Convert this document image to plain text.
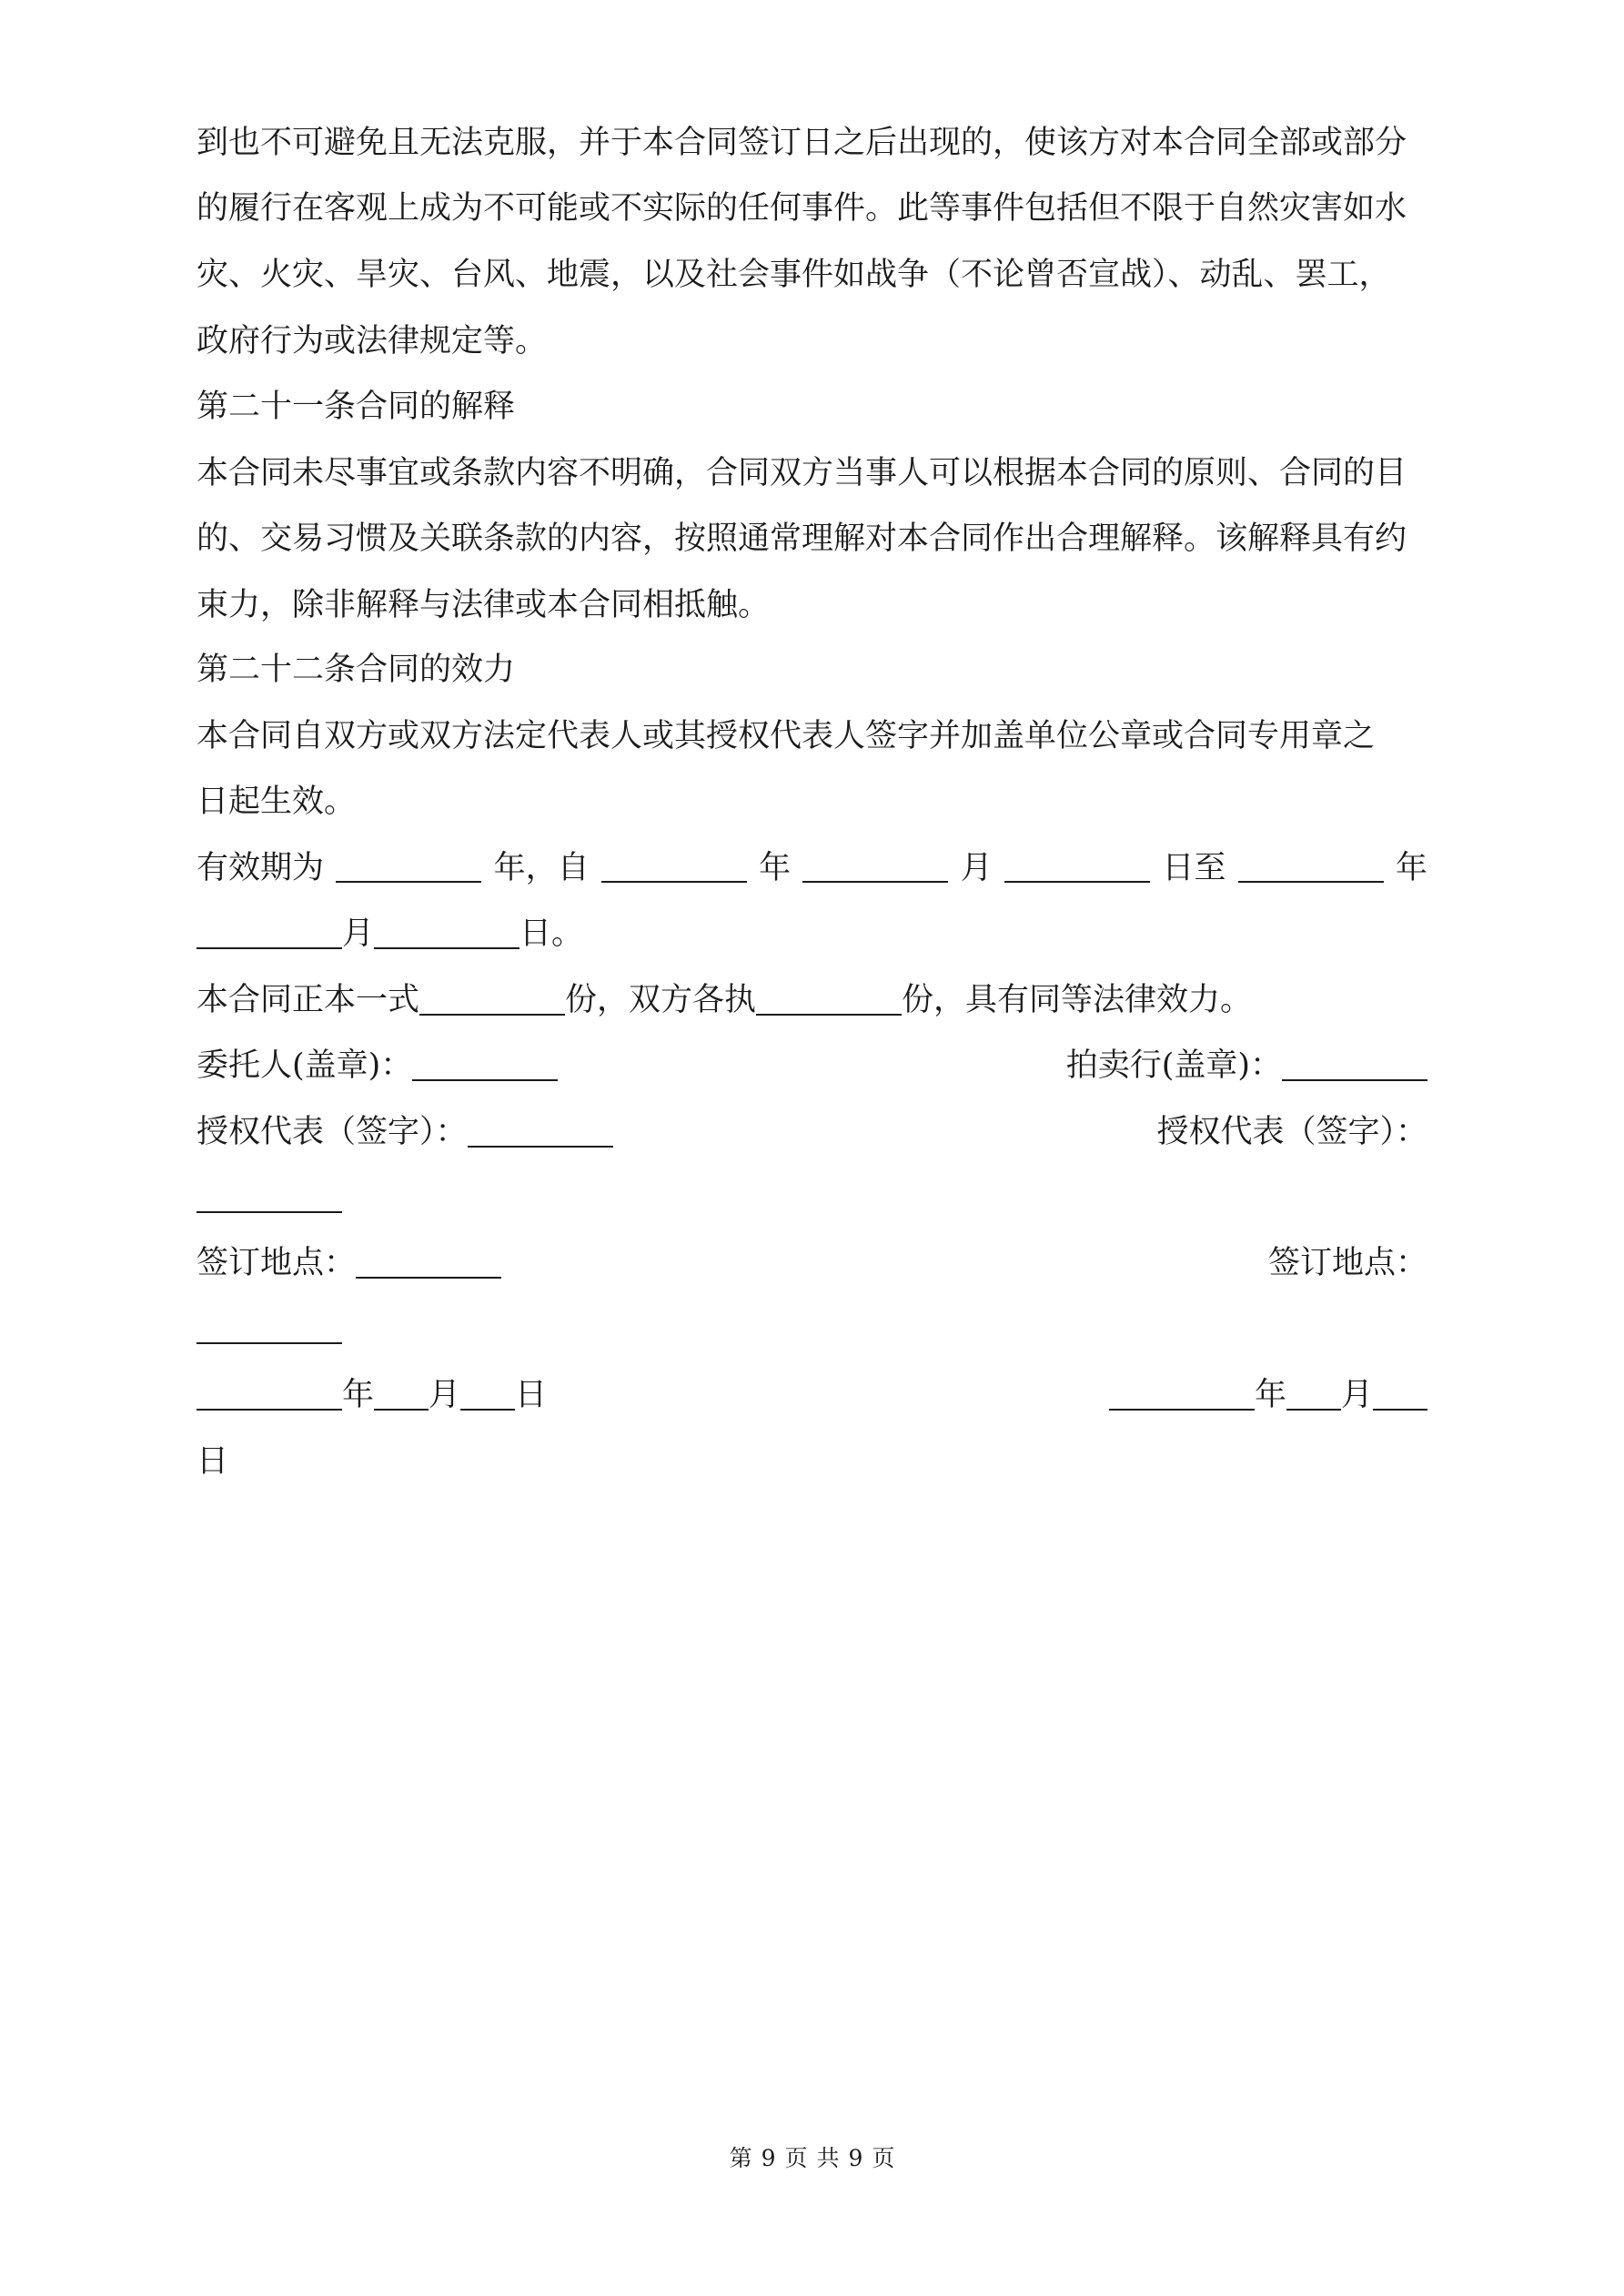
到也不可避免且无法克服，并于本合同签订日之后出现的，使该方对本合同全部或部分
的履行在客观上成为不可能或不实际的任何事件。此等事件包括但不限于自然灾害如水
灾、火灾、旱灾、台风、地震，以及社会事件如战争（不论曾否宣战）、动乱、罢工，
政府行为或法律规定等。
第二十一条合同的解释
本合同未尽事宜或条款内容不明确，合同双方当事人可以根据本合同的原则、合同的目
的、交易习惯及关联条款的内容，按照通常理解对本合同作出合理解释。该解释具有约
束力，除非解释与法律或本合同相抵触。
第二十二条合同的效力
本合同自双方或双方法定代表人或其授权代表人签字并加盖单位公章或合同专用章之
日起生效。
有效期为	年，自	年	月	日至	年
月	日。
本合同正本一式	份，双方各执	份，具有同等法律效力。
委托人(盖章)：	拍卖行(盖章)：
授权代表（签字）：	授权代表（签字）：
签订地点：	签订地点：
年 月 日	年 月
日
第 9 页 共 9 页
